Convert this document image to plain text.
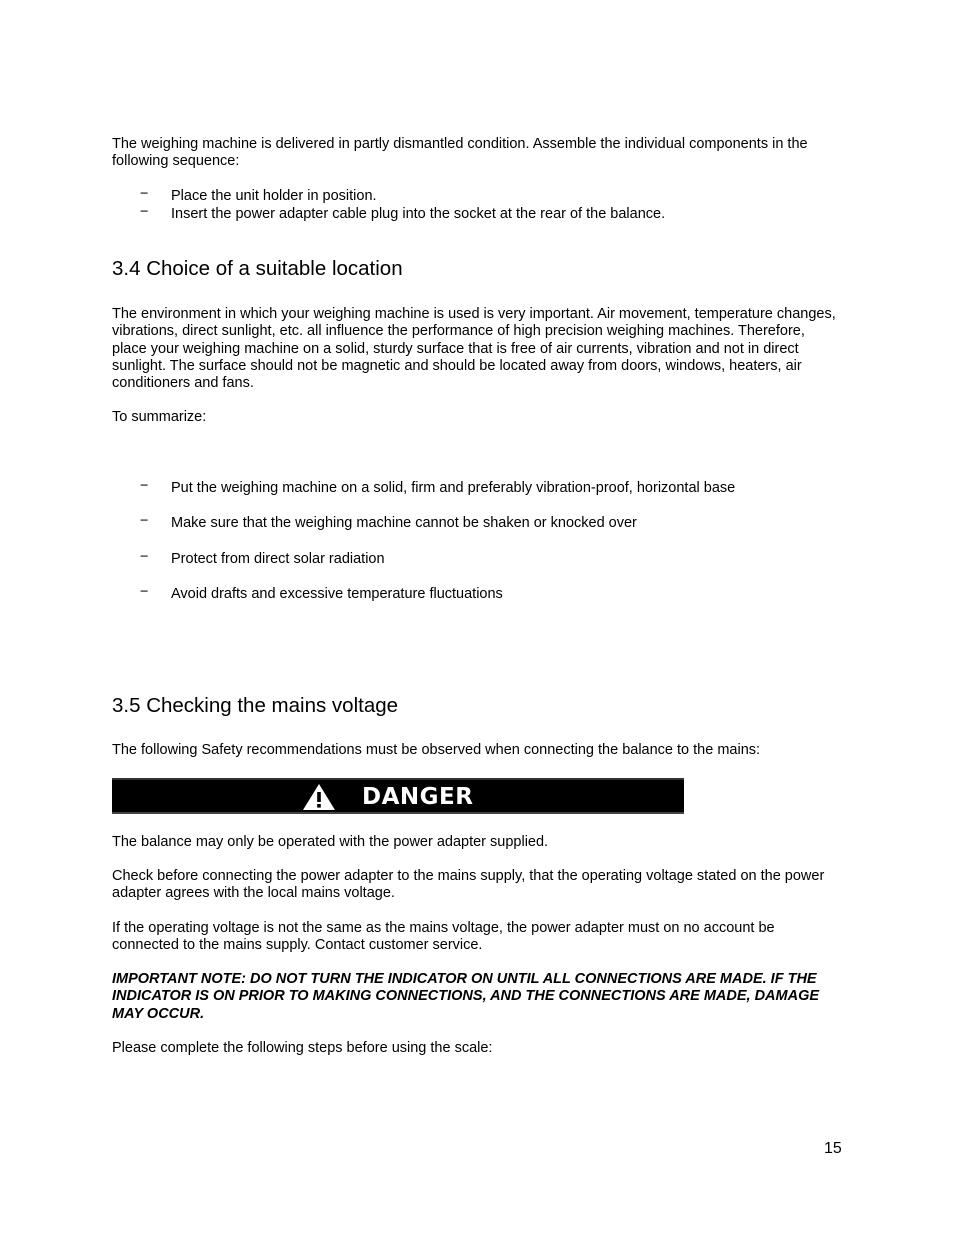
The weighing machine is delivered in partly dismantled condition. Assemble the individual components in the following sequence:

− Place the unit holder in position.
− Insert the power adapter cable plug into the socket at the rear of the balance.
3.4 Choice of a suitable location

The environment in which your weighing machine is used is very important. Air movement, temperature changes, vibrations, direct sunlight, etc. all influence the performance of high precision weighing machines. Therefore, place your weighing machine on a solid, sturdy surface that is free of air currents, vibration and not in direct sunlight. The surface should not be magnetic and should be located away from doors, windows, heaters, air conditioners and fans.

To summarize:

− Put the weighing machine on a solid, firm and preferably vibration-proof, horizontal base
− Make sure that the weighing machine cannot be shaken or knocked over
− Protect from direct solar radiation
− Avoid drafts and excessive temperature fluctuations
3.5 Checking the mains voltage

The following Safety recommendations must be observed when connecting the balance to the mains:

DANGER

The balance may only be operated with the power adapter supplied.

Check before connecting the power adapter to the mains supply, that the operating voltage stated on the power adapter agrees with the local mains voltage.

If the operating voltage is not the same as the mains voltage, the power adapter must on no account be connected to the mains supply. Contact customer service.

IMPORTANT NOTE: DO NOT TURN THE INDICATOR ON UNTIL ALL CONNECTIONS ARE MADE. IF THE INDICATOR IS ON PRIOR TO MAKING CONNECTIONS, AND THE CONNECTIONS ARE MADE, DAMAGE MAY OCCUR.

Please complete the following steps before using the scale:

15
